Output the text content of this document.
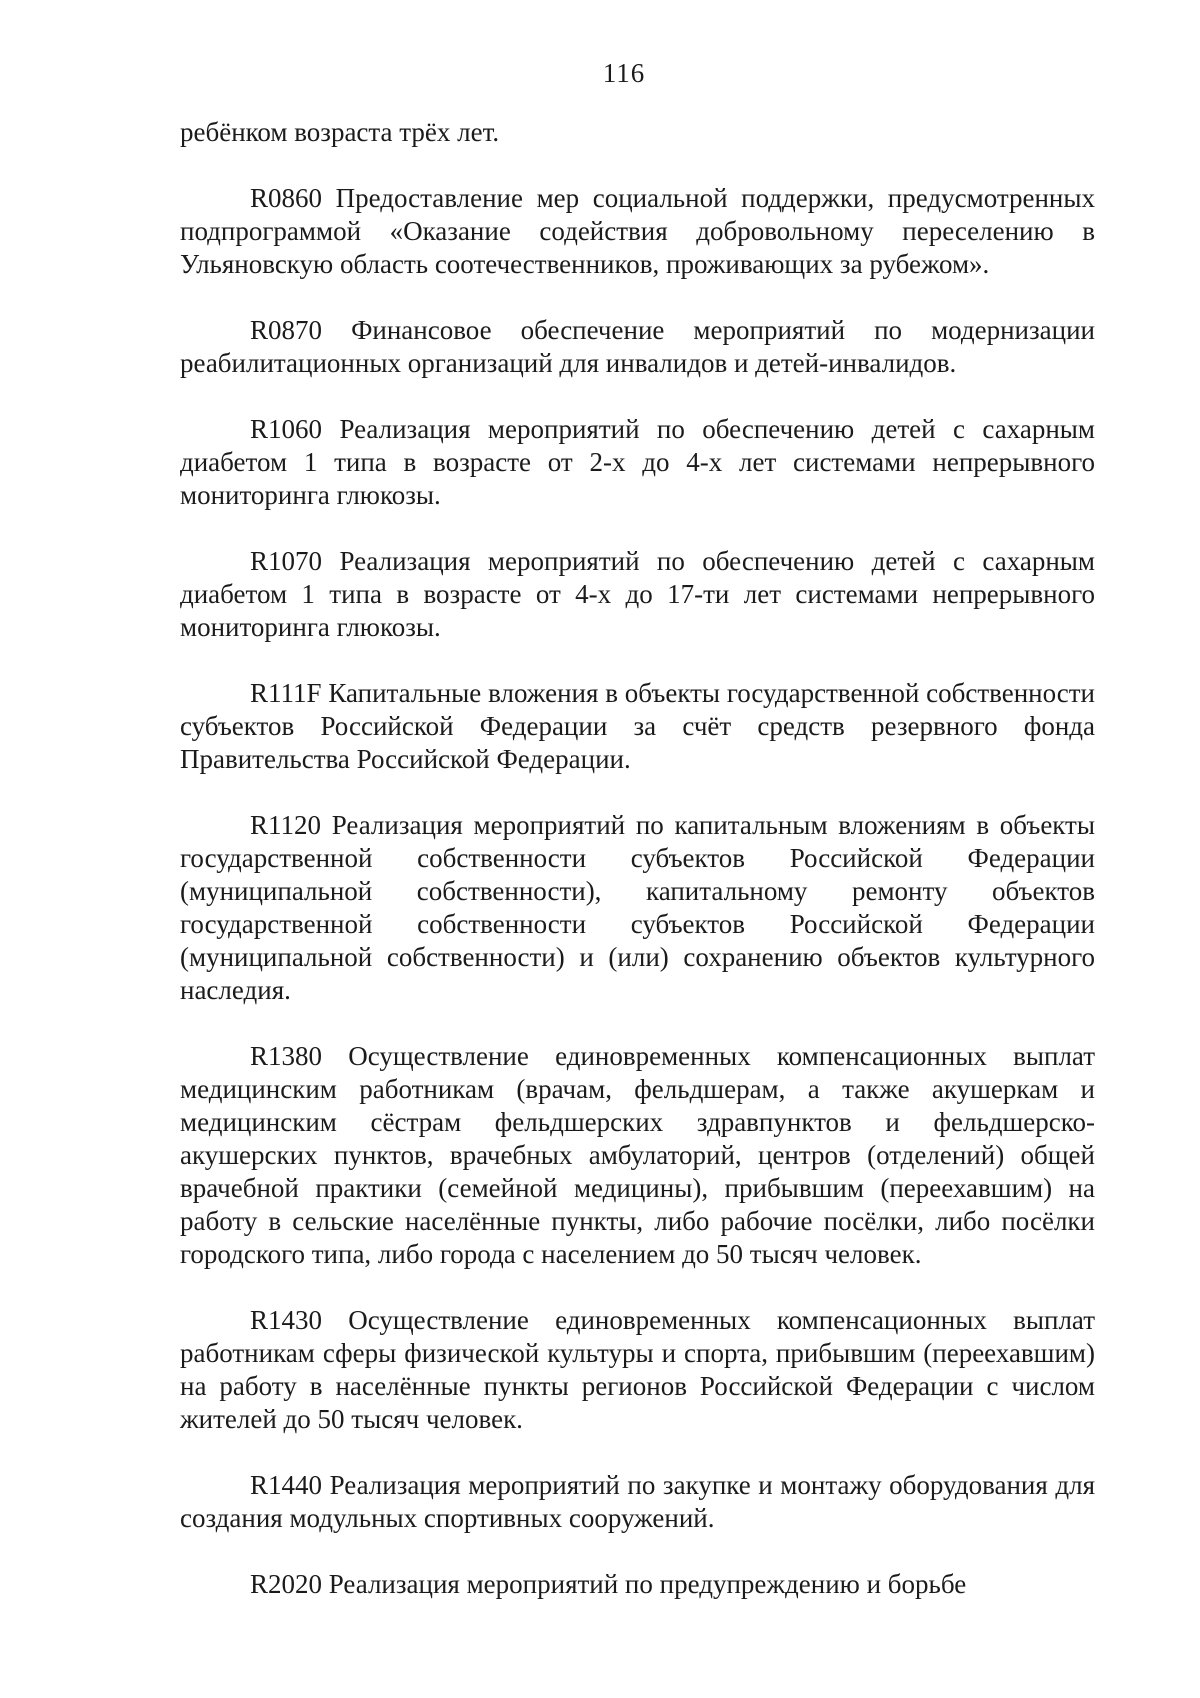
116

ребёнком возраста трёх лет.

R0860 Предоставление мер социальной поддержки, предусмотренных подпрограммой «Оказание содействия добровольному переселению в Ульяновскую область соотечественников, проживающих за рубежом».

R0870 Финансовое обеспечение мероприятий по модернизации реабилитационных организаций для инвалидов и детей-инвалидов.

R1060 Реализация мероприятий по обеспечению детей с сахарным диабетом 1 типа в возрасте от 2-х до 4-х лет системами непрерывного мониторинга глюкозы.

R1070 Реализация мероприятий по обеспечению детей с сахарным диабетом 1 типа в возрасте от 4-х до 17-ти лет системами непрерывного мониторинга глюкозы.

R111F Капитальные вложения в объекты государственной собственности субъектов Российской Федерации за счёт средств резервного фонда Правительства Российской Федерации.

R1120 Реализация мероприятий по капитальным вложениям в объекты государственной собственности субъектов Российской Федерации (муниципальной собственности), капитальному ремонту объектов государственной собственности субъектов Российской Федерации (муниципальной собственности) и (или) сохранению объектов культурного наследия.

R1380 Осуществление единовременных компенсационных выплат медицинским работникам (врачам, фельдшерам, а также акушеркам и медицинским сёстрам фельдшерских здравпунктов и фельдшерско-акушерских пунктов, врачебных амбулаторий, центров (отделений) общей врачебной практики (семейной медицины), прибывшим (переехавшим) на работу в сельские населённые пункты, либо рабочие посёлки, либо посёлки городского типа, либо города с населением до 50 тысяч человек.

R1430 Осуществление единовременных компенсационных выплат работникам сферы физической культуры и спорта, прибывшим (переехавшим) на работу в населённые пункты регионов Российской Федерации с числом жителей до 50 тысяч человек.

R1440 Реализация мероприятий по закупке и монтажу оборудования для создания модульных спортивных сооружений.

R2020 Реализация мероприятий по предупреждению и борьбе
